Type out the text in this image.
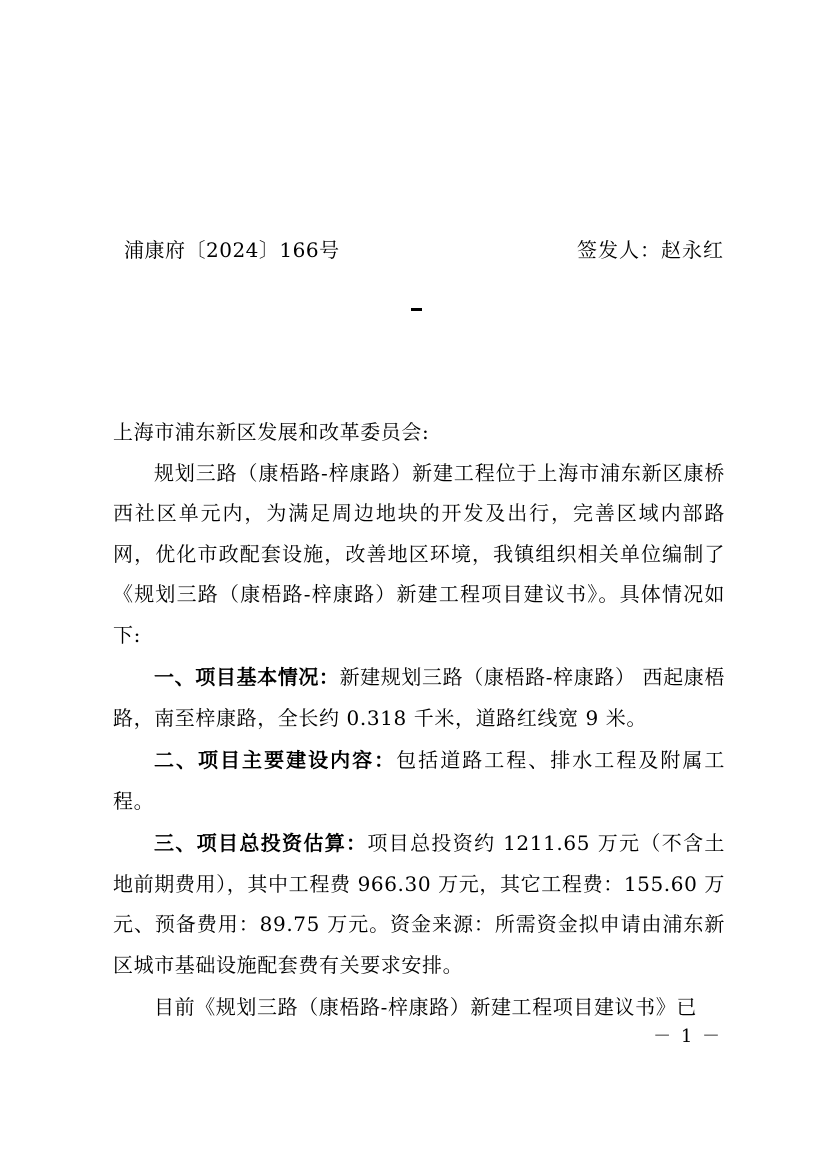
浦康府〔2024〕166号	签发人：赵永红

上海市浦东新区发展和改革委员会:

规划三路（康梧路-梓康路）新建工程位于上海市浦东新区康桥西社区单元内，为满足周边地块的开发及出行，完善区域内部路网，优化市政配套设施，改善地区环境，我镇组织相关单位编制了《规划三路（康梧路-梓康路）新建工程项目建议书》。具体情况如下:

一、项目基本情况：新建规划三路（康梧路-梓康路） 西起康梧路，南至梓康路，全长约 0.318 千米，道路红线宽 9 米。

二、项目主要建设内容：包括道路工程、排水工程及附属工程。

三、项目总投资估算：项目总投资约 1211.65 万元（不含土地前期费用），其中工程费 966.30 万元，其它工程费：155.60 万元、预备费用：89.75 万元。资金来源：所需资金拟申请由浦东新区城市基础设施配套费有关要求安排。

目前《规划三路（康梧路-梓康路）新建工程项目建议书》已

－ 1 －
